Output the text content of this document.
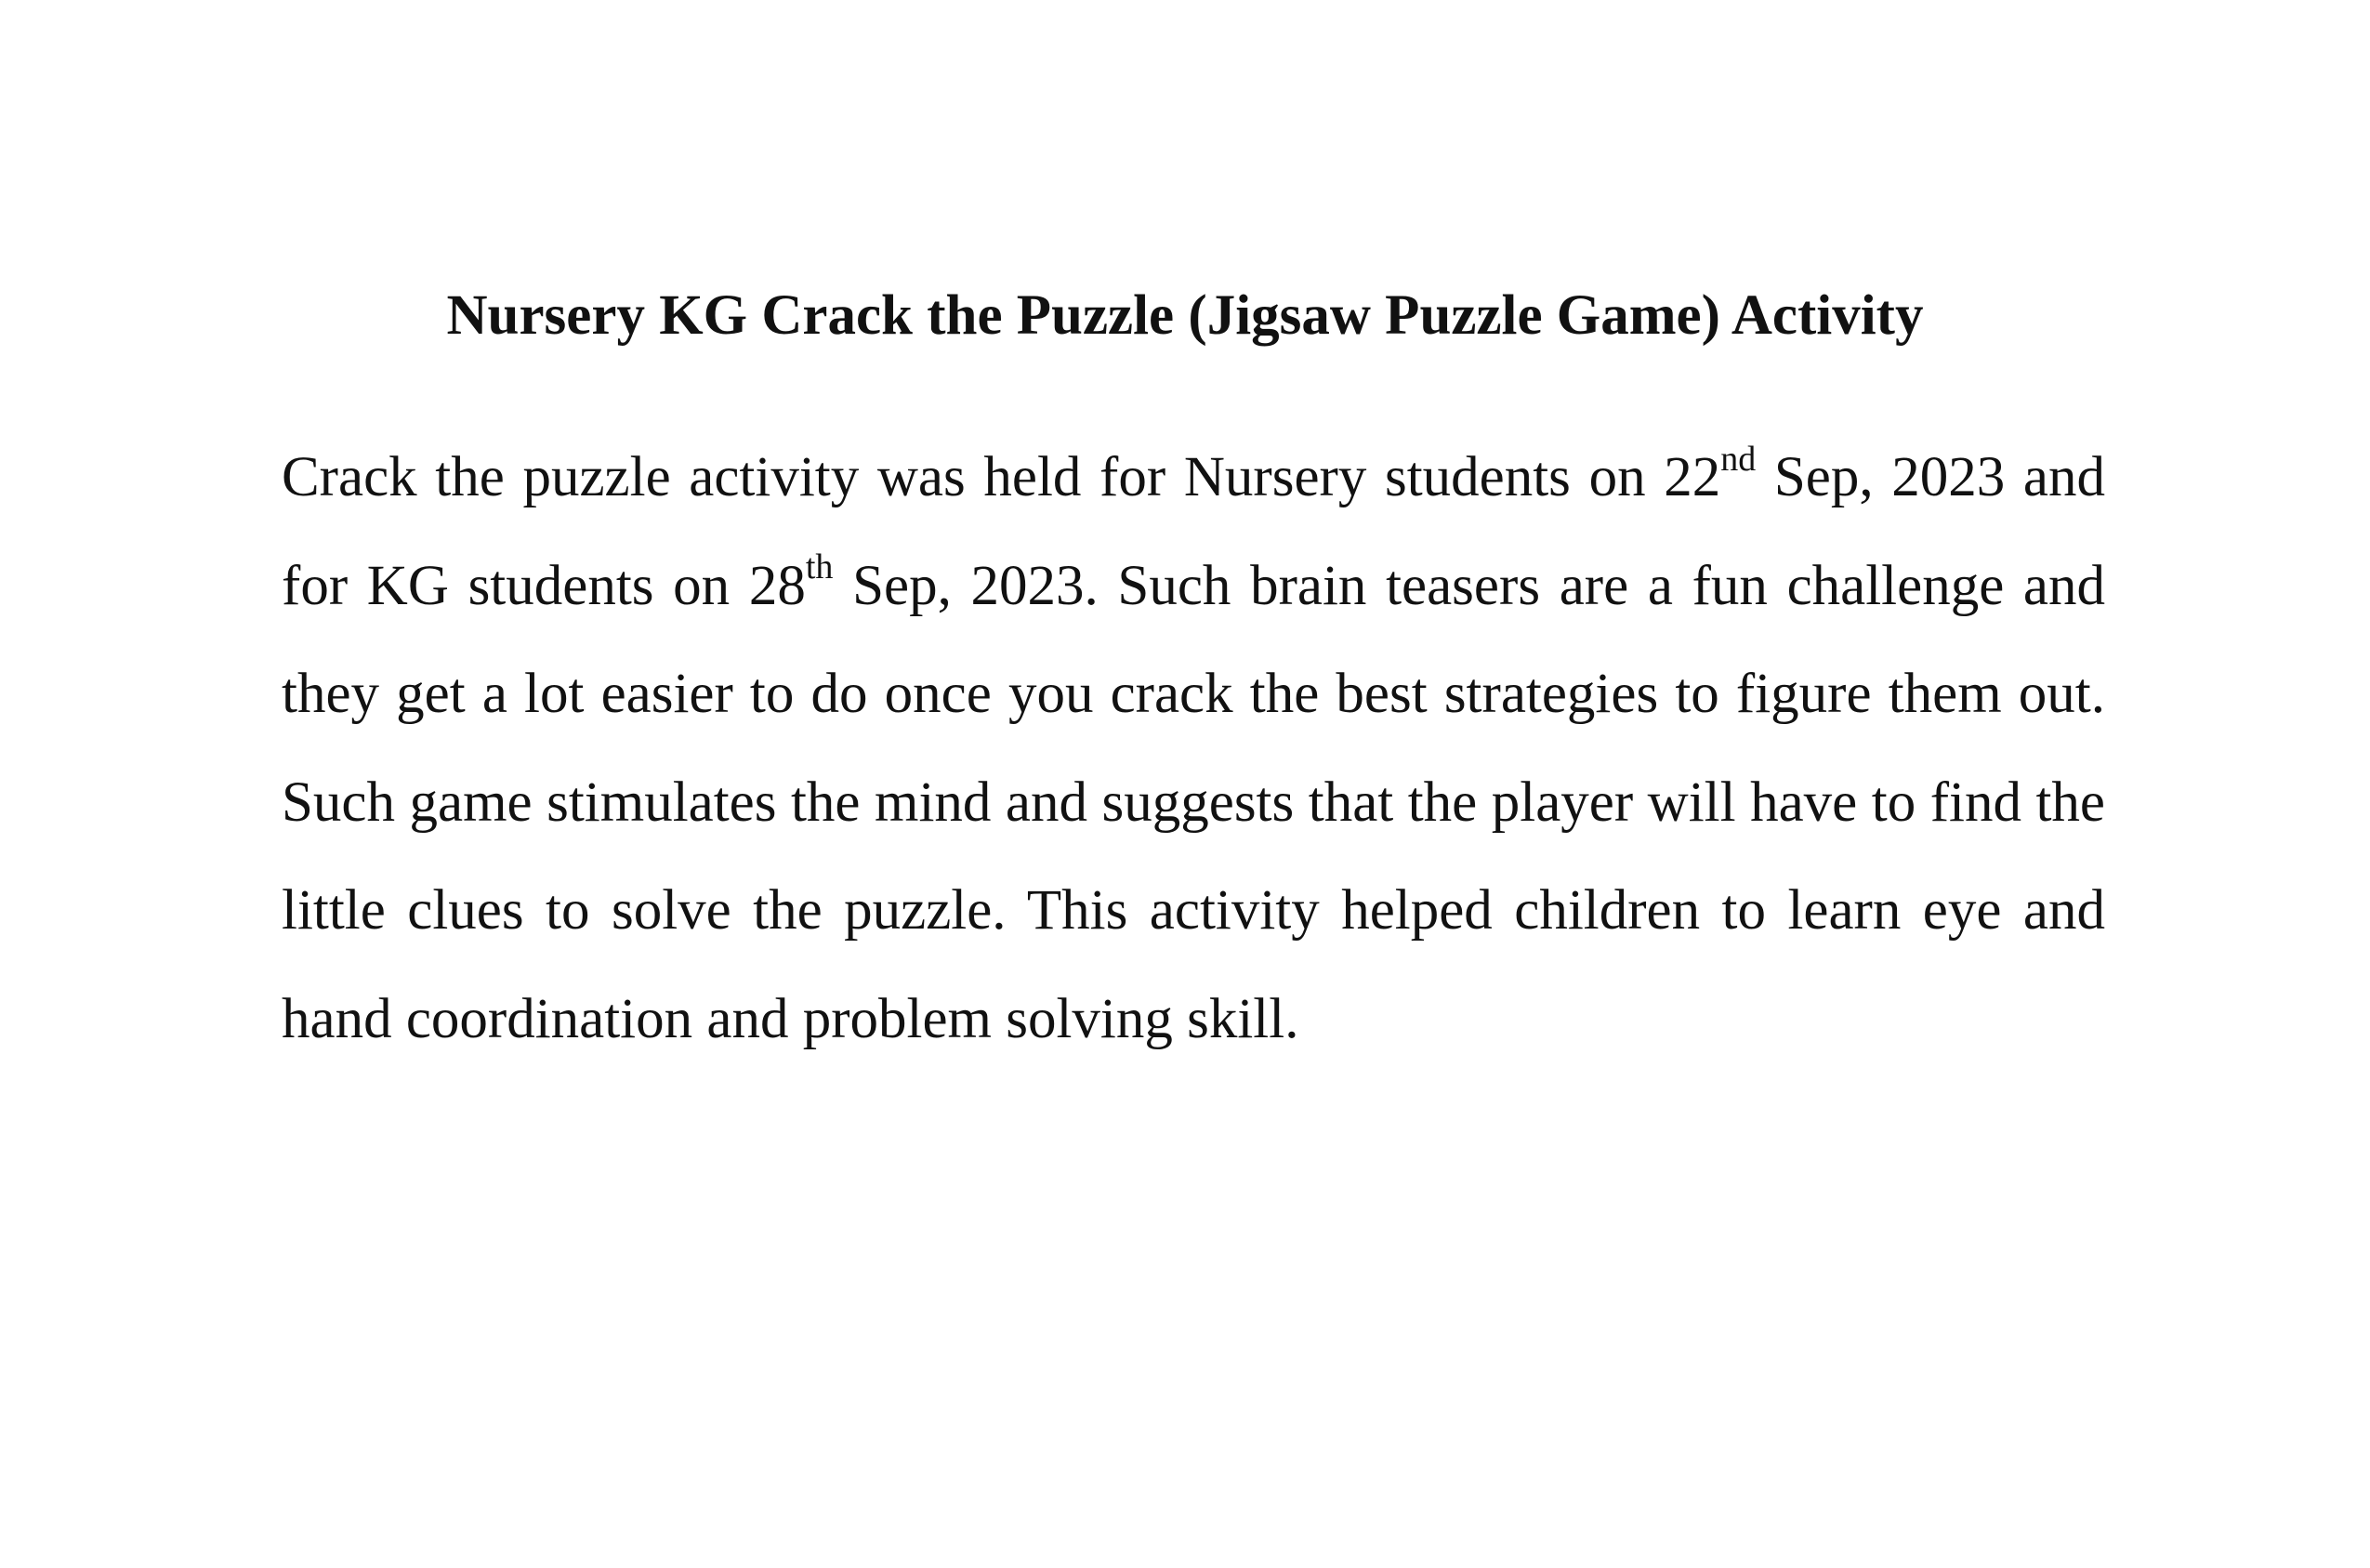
Nursery KG Crack the Puzzle (Jigsaw Puzzle Game) Activity

Crack the puzzle activity was held for Nursery students on 22nd Sep, 2023 and for KG students on 28th Sep, 2023. Such brain teasers are a fun challenge and they get a lot easier to do once you crack the best strategies to figure them out. Such game stimulates the mind and suggests that the player will have to find the little clues to solve the puzzle. This activity helped children to learn eye and hand coordination and problem solving skill.
